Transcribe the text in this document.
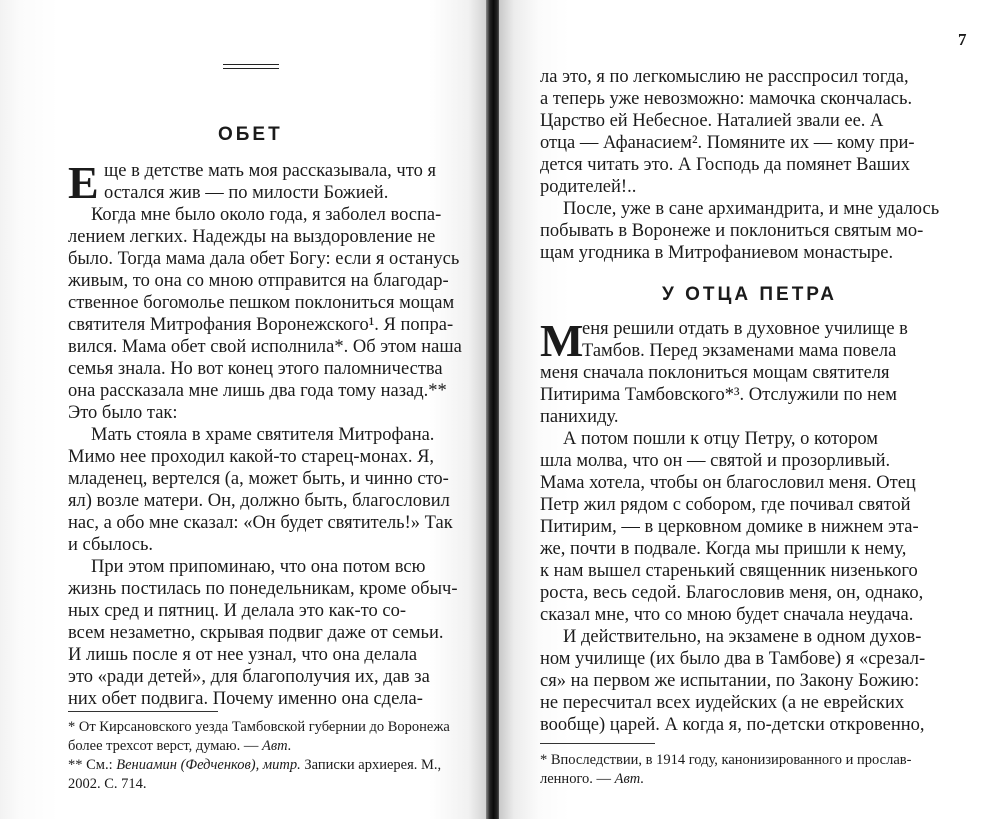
ОБЕТ
Е ще в детстве мать моя рассказывала, что я

остался жив — по милости Божией.

Когда мне было около года, я заболел воспа-

лением легких. Надежды на выздоровление не

было. Тогда мама дала обет Богу: если я останусь

живым, то она со мною отправится на благодар-

ственное богомолье пешком поклониться мощам

святителя Митрофания Воронежского¹. Я попра-

вился. Мама обет свой исполнила*. Об этом наша

семья знала. Но вот конец этого паломничества

она рассказала мне лишь два года тому назад.**

Это было так:

Мать стояла в храме святителя Митрофана.

Мимо нее проходил какой-то старец-монах. Я,

младенец, вертелся (а, может быть, и чинно сто-

ял) возле матери. Он, должно быть, благословил

нас, а обо мне сказал: «Он будет святитель!» Так

и сбылось.

При этом припоминаю, что она потом всю

жизнь постилась по понедельникам, кроме обыч-

ных сред и пятниц. И делала это как-то со-

всем незаметно, скрывая подвиг даже от семьи.

И лишь после я от нее узнал, что она делала

это «ради детей», для благополучия их, дав за

них обет подвига. Почему именно она сдела-

* От Кирсановского уезда Тамбовской губернии до Воронежа

более трехсот верст, думаю. — Авт.

** См.: Вениамин (Федченков), митр. Записки архиерея. М.,

2002. С. 714.

7

ла это, я по легкомыслию не расспросил тогда,

а теперь уже невозможно: мамочка скончалась.

Царство ей Небесное. Наталией звали ее. А

отца — Афанасием². Помяните их — кому при-

дется читать это. А Господь да помянет Ваших

родителей!..

После, уже в сане архимандрита, и мне удалось

побывать в Воронеже и поклониться святым мо-

щам угодника в Митрофаниевом монастыре.

У ОТЦА ПЕТРА
М

еня решили отдать в духовное училище в

Тамбов. Перед экзаменами мама повела

меня сначала поклониться мощам святителя

Питирима Тамбовского*³. Отслужили по нем

панихиду.

А потом пошли к отцу Петру, о котором

шла молва, что он — святой и прозорливый.

Мама хотела, чтобы он благословил меня. Отец

Петр жил рядом с собором, где почивал святой

Питирим, — в церковном домике в нижнем эта-

же, почти в подвале. Когда мы пришли к нему,

к нам вышел старенький священник низенького

роста, весь седой. Благословив меня, он, однако,

сказал мне, что со мною будет сначала неудача.

И действительно, на экзамене в одном духов-

ном училище (их было два в Тамбове) я «срезал-

ся» на первом же испытании, по Закону Божию:

не пересчитал всех иудейских (а не еврейских

вообще) царей. А когда я, по-детски откровенно,

* Впоследствии, в 1914 году, канонизированного и прослав-

ленного. — Авт.
